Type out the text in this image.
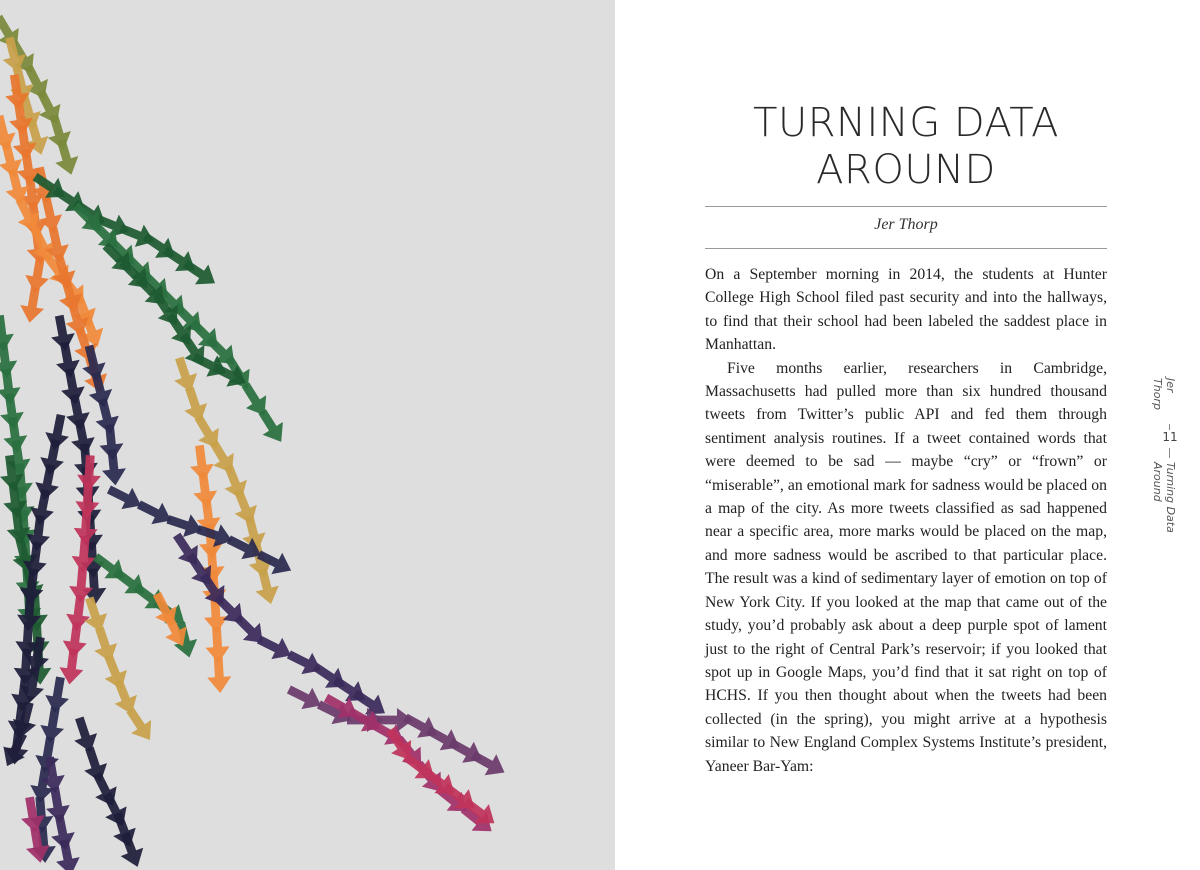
TURNING DATA
AROUND
Jer Thorp

On a September morning in 2014, the students at Hunter College High School filed past security and into the hallways, to find that their school had been labeled the saddest place in Manhattan.

Five months earlier, researchers in Cambridge, Massachusetts had pulled more than six hundred thousand tweets from Twitter’s public API and fed them through sentiment analysis routines. If a tweet contained words that were deemed to be sad — maybe “cry” or “frown” or “miserable”, an emotional mark for sadness would be placed on a map of the city. As more tweets classified as sad happened near a specific area, more marks would be placed on the map, and more sadness would be ascribed to that particular place. The result was a kind of sedimentary layer of emotion on top of New York City. If you looked at the map that came out of the study, you’d probably ask about a deep purple spot of lament just to the right of Central Park’s reservoir; if you looked that spot up in Google Maps, you’d find that it sat right on top of HCHS. If you then thought about when the tweets had been collected (in the spring), you might arrive at a hypothesis similar to New England Complex Systems Institute’s president, Yaneer Bar-Yam:

Jer Thorp
11
Turning Data Around
